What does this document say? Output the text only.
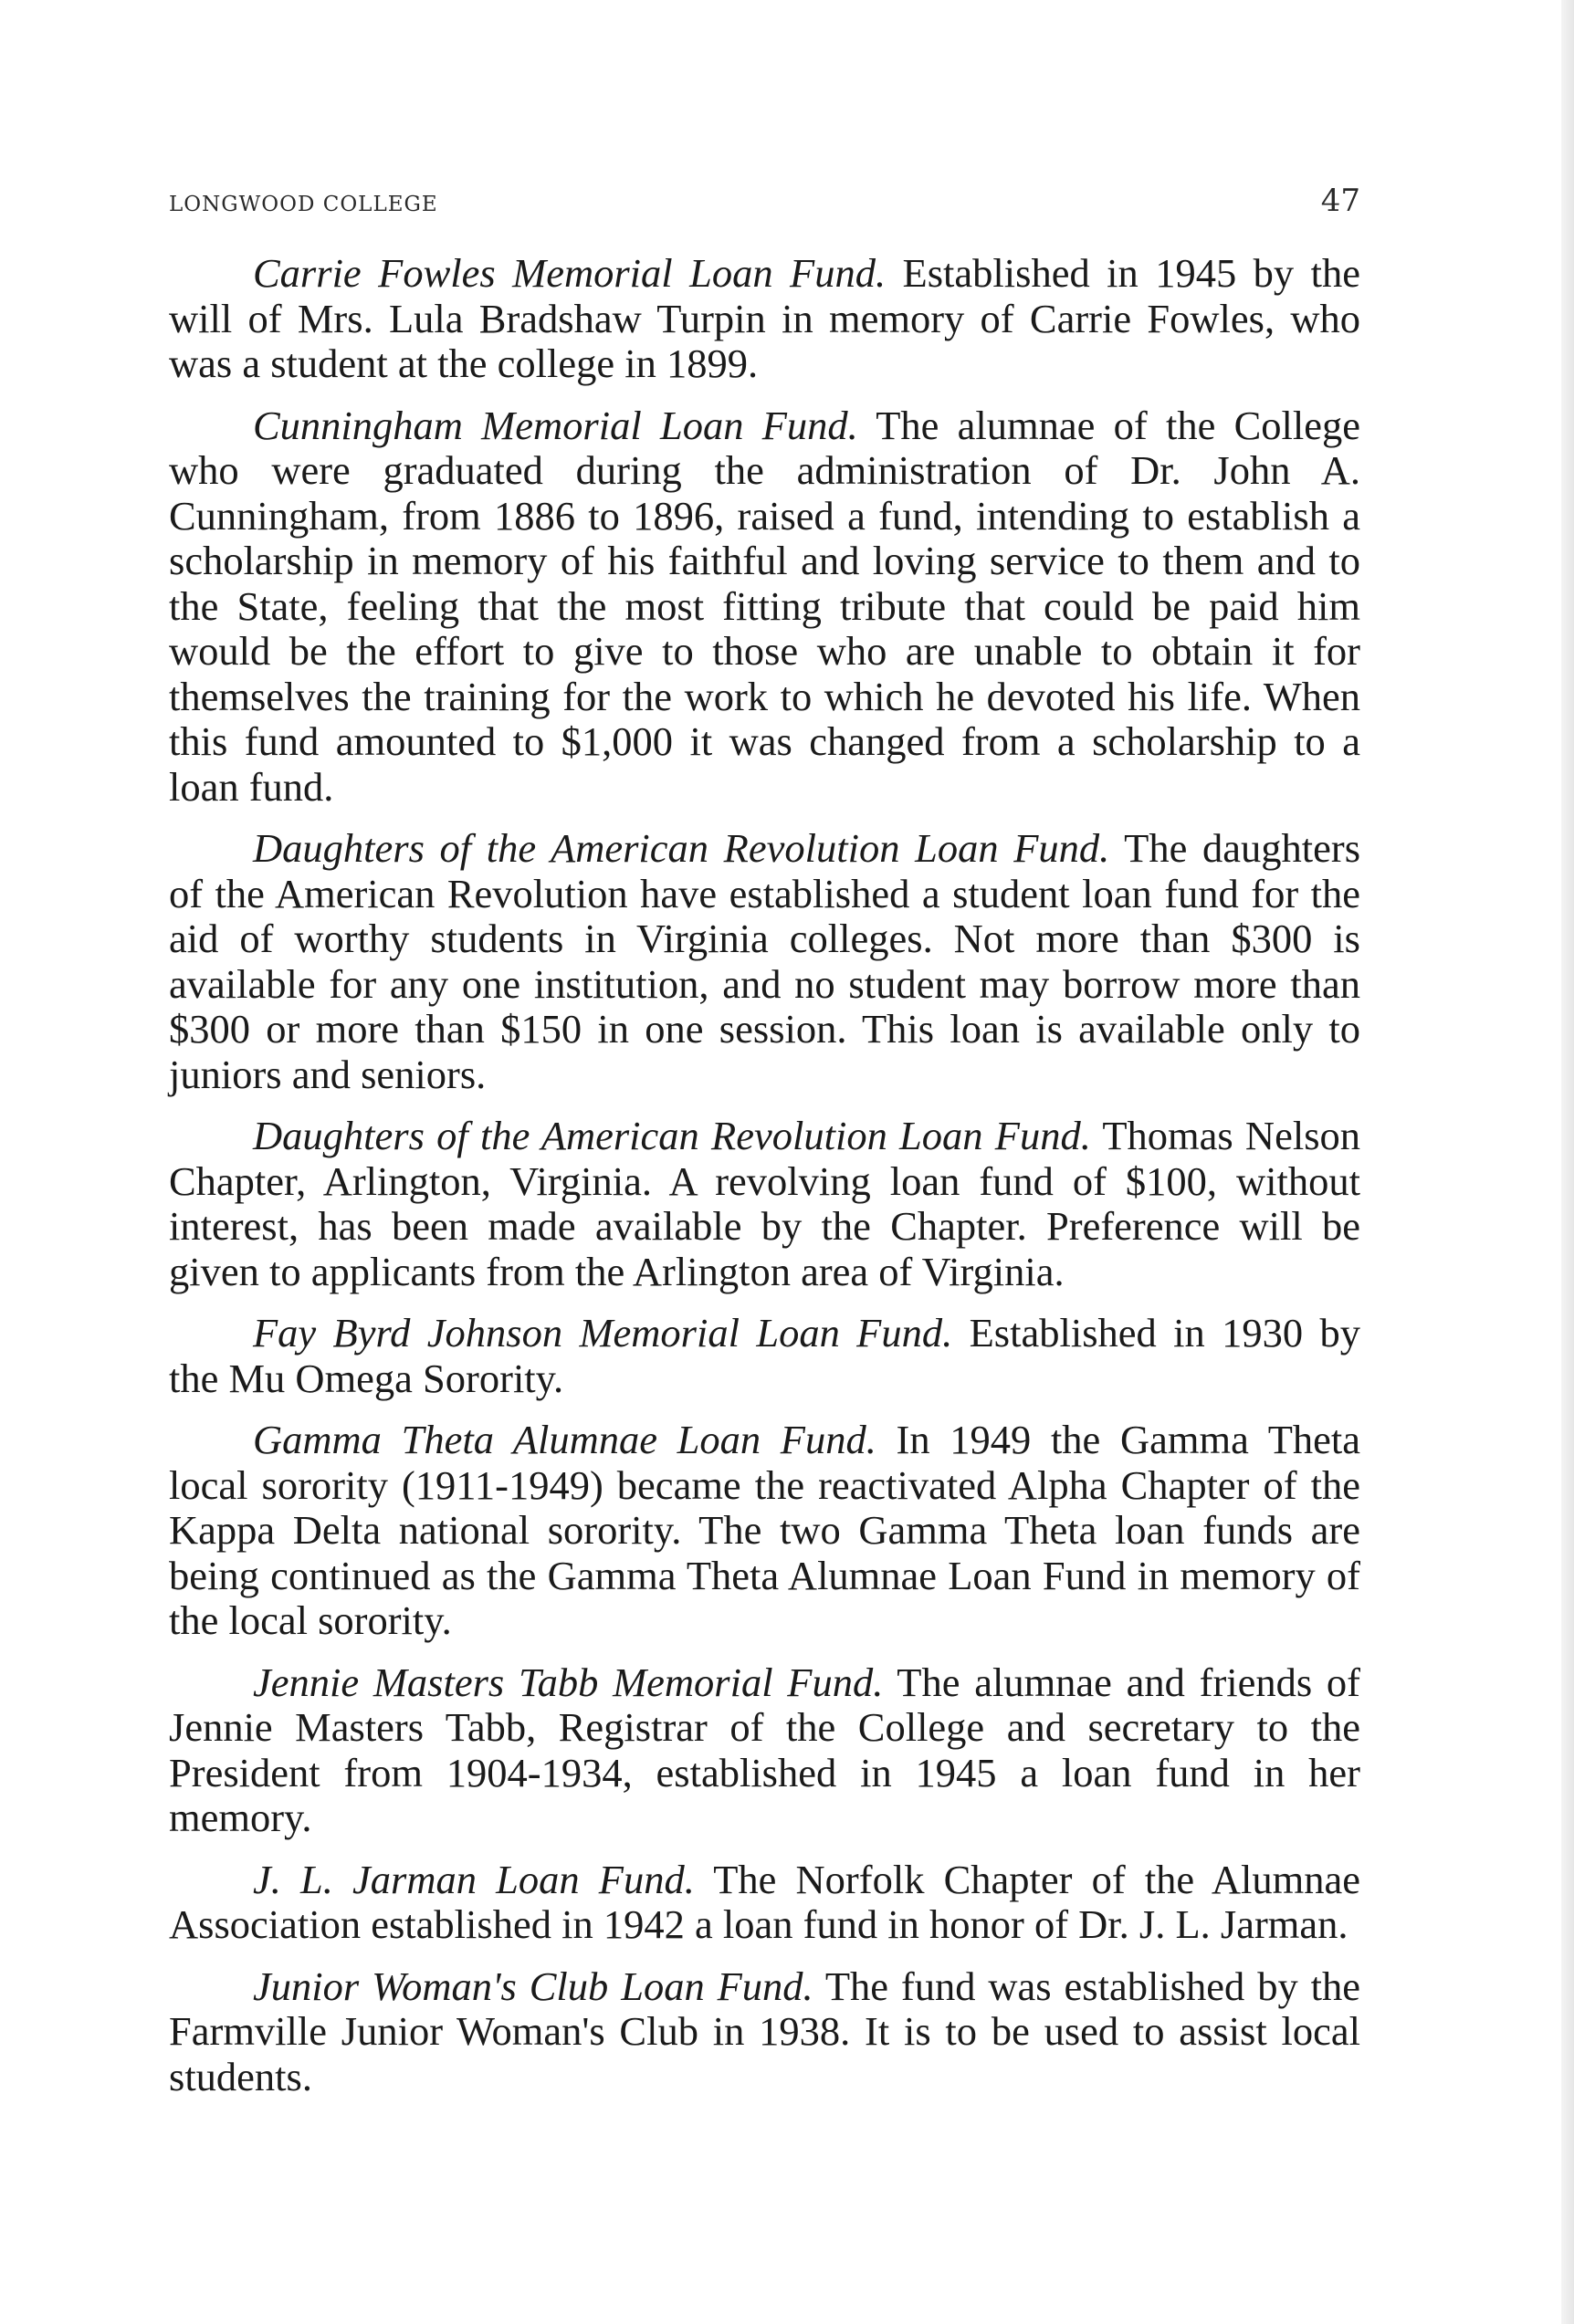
LONGWOOD COLLEGE	47

Carrie Fowles Memorial Loan Fund. Established in 1945 by the will of Mrs. Lula Bradshaw Turpin in memory of Carrie Fowles, who was a student at the college in 1899.

Cunningham Memorial Loan Fund. The alumnae of the College who were graduated during the administration of Dr. John A. Cunningham, from 1886 to 1896, raised a fund, intending to establish a scholarship in memory of his faithful and loving service to them and to the State, feeling that the most fitting tribute that could be paid him would be the effort to give to those who are unable to obtain it for themselves the training for the work to which he devoted his life. When this fund amounted to $1,000 it was changed from a scholarship to a loan fund.

Daughters of the American Revolution Loan Fund. The daughters of the American Revolution have established a student loan fund for the aid of worthy students in Virginia colleges. Not more than $300 is available for any one institution, and no student may borrow more than $300 or more than $150 in one session. This loan is available only to juniors and seniors.

Daughters of the American Revolution Loan Fund. Thomas Nelson Chapter, Arlington, Virginia. A revolving loan fund of $100, without interest, has been made available by the Chapter. Preference will be given to applicants from the Arlington area of Virginia.

Fay Byrd Johnson Memorial Loan Fund. Established in 1930 by the Mu Omega Sorority.

Gamma Theta Alumnae Loan Fund. In 1949 the Gamma Theta local sorority (1911-1949) became the reactivated Alpha Chapter of the Kappa Delta national sorority. The two Gamma Theta loan funds are being continued as the Gamma Theta Alumnae Loan Fund in memory of the local sorority.

Jennie Masters Tabb Memorial Fund. The alumnae and friends of Jennie Masters Tabb, Registrar of the College and secretary to the President from 1904-1934, established in 1945 a loan fund in her memory.

J. L. Jarman Loan Fund. The Norfolk Chapter of the Alumnae Association established in 1942 a loan fund in honor of Dr. J. L. Jarman.

Junior Woman's Club Loan Fund. The fund was established by the Farmville Junior Woman's Club in 1938. It is to be used to assist local students.
